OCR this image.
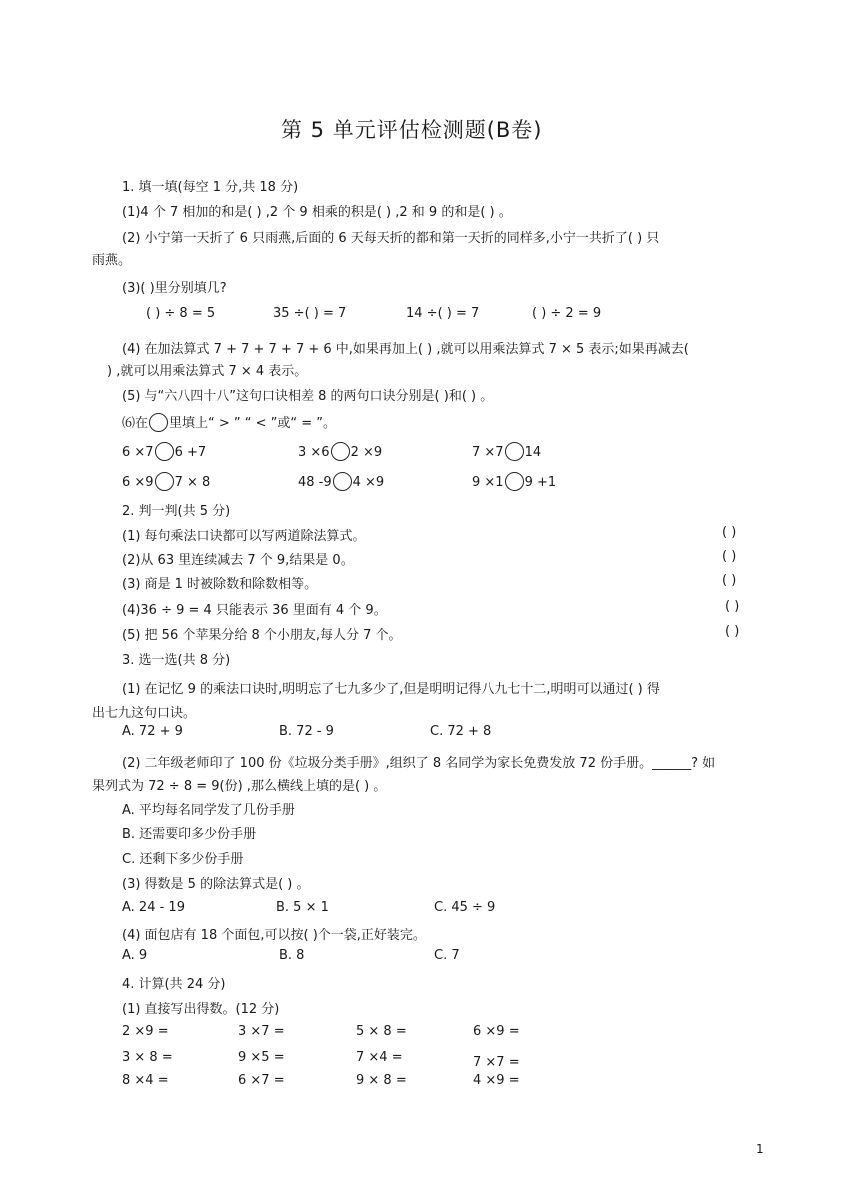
第 5 单元评估检测题(B卷)
1. 填一填(每空 1 分,共 18 分)
(1)4 个 7 相加的和是( ) ,2 个 9 相乘的积是( ) ,2 和 9 的和是( ) 。
(2) 小宁第一天折了 6 只雨燕,后面的 6 天每天折的都和第一天折的同样多,小宁一共折了( ) 只
雨燕。
(3)( )里分别填几?
( ) ÷ 8 = 5	35 ÷( ) = 7	14 ÷( ) = 7	( ) ÷ 2 = 9
(4) 在加法算式 7 + 7 + 7 + 7 + 6 中,如果再加上( ) ,就可以用乘法算式 7 × 5 表示;如果再减去(
) ,就可以用乘法算式 7 × 4 表示。
(5) 与“六八四十八”这句口诀相差 8 的两句口诀分别是( )和( ) 。
⑹在 里填上“ > ” “ < ”或“ = ”。
6 ×7 6 +7	3 ×6 2 ×9	7 ×7 14
6 ×9 7 × 8	48 -9 4 ×9	9 ×1 9 +1
2. 判一判(共 5 分)
(1) 每句乘法口诀都可以写两道除法算式。	( )
(2)从 63 里连续减去 7 个 9,结果是 0。	( )
(3) 商是 1 时被除数和除数相等。	( )
(4)36 ÷ 9 = 4 只能表示 36 里面有 4 个 9。	( )
(5) 把 56 个苹果分给 8 个小朋友,每人分 7 个。	( )
3. 选一选(共 8 分)
(1) 在记忆 9 的乘法口诀时,明明忘了七九多少了,但是明明记得八九七十二,明明可以通过( ) 得
出七九这句口诀。
A. 72 + 9	B. 72 - 9	C. 72 + 8
(2) 二年级老师印了 100 份《垃圾分类手册》,组织了 8 名同学为家长免费发放 72 份手册。______? 如
果列式为 72 ÷ 8 = 9(份) ,那么横线上填的是( ) 。
A. 平均每名同学发了几份手册
B. 还需要印多少份手册
C. 还剩下多少份手册
(3) 得数是 5 的除法算式是( ) 。
A. 24 - 19	B. 5 × 1	C. 45 ÷ 9
(4) 面包店有 18 个面包,可以按( )个一袋,正好装完。
A. 9	B. 8	C. 7
4. 计算(共 24 分)
(1) 直接写出得数。(12 分)
2 ×9 =	3 ×7 =	5 × 8 =	6 ×9 =
3 × 8 =	9 ×5 =	7 ×4 =	7 ×7 =
8 ×4 =	6 ×7 =	9 × 8 =	4 ×9 =
1
